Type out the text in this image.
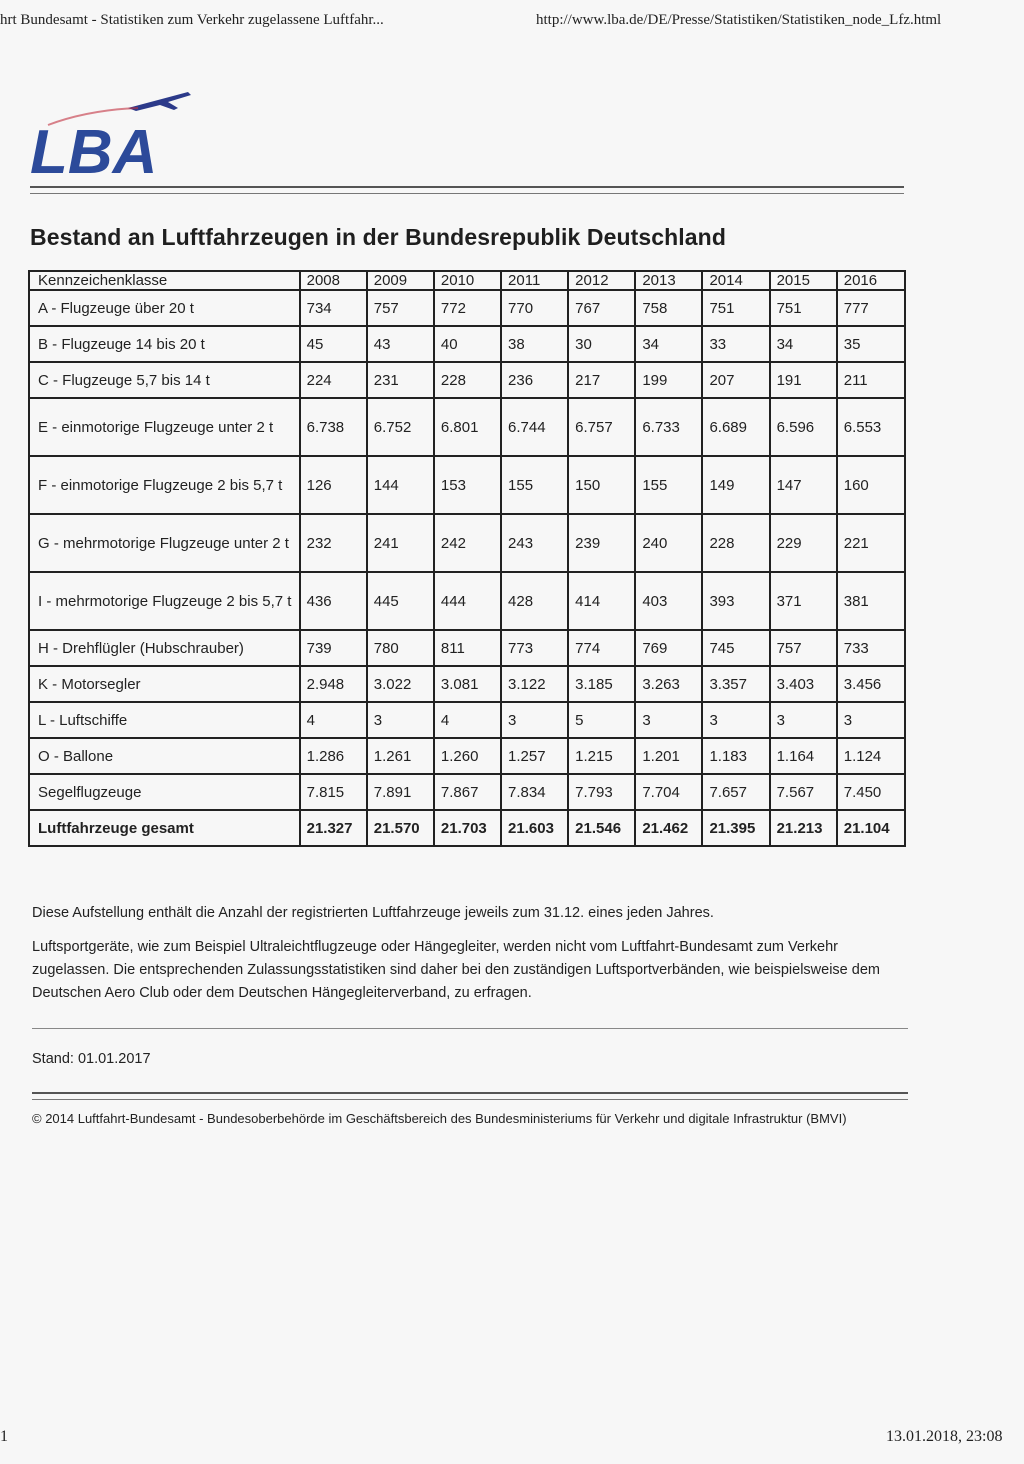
hrt Bundesamt - Statistiken zum Verkehr zugelassene Luftfahr...	http://www.lba.de/DE/Presse/Statistiken/Statistiken_node_Lfz.html
LBA
Bestand an Luftfahrzeugen in der Bundesrepublik Deutschland
Kennzeichenklasse	2008	2009	2010	2011	2012	2013	2014	2015	2016
A - Flugzeuge über 20 t	734	757	772	770	767	758	751	751	777
B - Flugzeuge 14 bis 20 t	45	43	40	38	30	34	33	34	35
C - Flugzeuge 5,7 bis 14 t	224	231	228	236	217	199	207	191	211
E - einmotorige Flugzeuge unter 2 t	6.738	6.752	6.801	6.744	6.757	6.733	6.689	6.596	6.553
F - einmotorige Flugzeuge 2 bis 5,7 t	126	144	153	155	150	155	149	147	160
G - mehrmotorige Flugzeuge unter 2 t	232	241	242	243	239	240	228	229	221
I - mehrmotorige Flugzeuge 2 bis 5,7 t	436	445	444	428	414	403	393	371	381
H - Drehflügler (Hubschrauber)	739	780	811	773	774	769	745	757	733
K - Motorsegler	2.948	3.022	3.081	3.122	3.185	3.263	3.357	3.403	3.456
L - Luftschiffe	4	3	4	3	5	3	3	3	3
O - Ballone	1.286	1.261	1.260	1.257	1.215	1.201	1.183	1.164	1.124
Segelflugzeuge	7.815	7.891	7.867	7.834	7.793	7.704	7.657	7.567	7.450
Luftfahrzeuge gesamt	21.327	21.570	21.703	21.603	21.546	21.462	21.395	21.213	21.104
Diese Aufstellung enthält die Anzahl der registrierten Luftfahrzeuge jeweils zum 31.12. eines jeden Jahres.
Luftsportgeräte, wie zum Beispiel Ultraleichtflugzeuge oder Hängegleiter, werden nicht vom Luftfahrt-Bundesamt zum Verkehr zugelassen. Die entsprechenden Zulassungsstatistiken sind daher bei den zuständigen Luftsportverbänden, wie beispielsweise dem Deutschen Aero Club oder dem Deutschen Hängegleiterverband, zu erfragen.
Stand: 01.01.2017
© 2014 Luftfahrt-Bundesamt - Bundesoberbehörde im Geschäftsbereich des Bundesministeriums für Verkehr und digitale Infrastruktur (BMVI)
1	13.01.2018, 23:08
